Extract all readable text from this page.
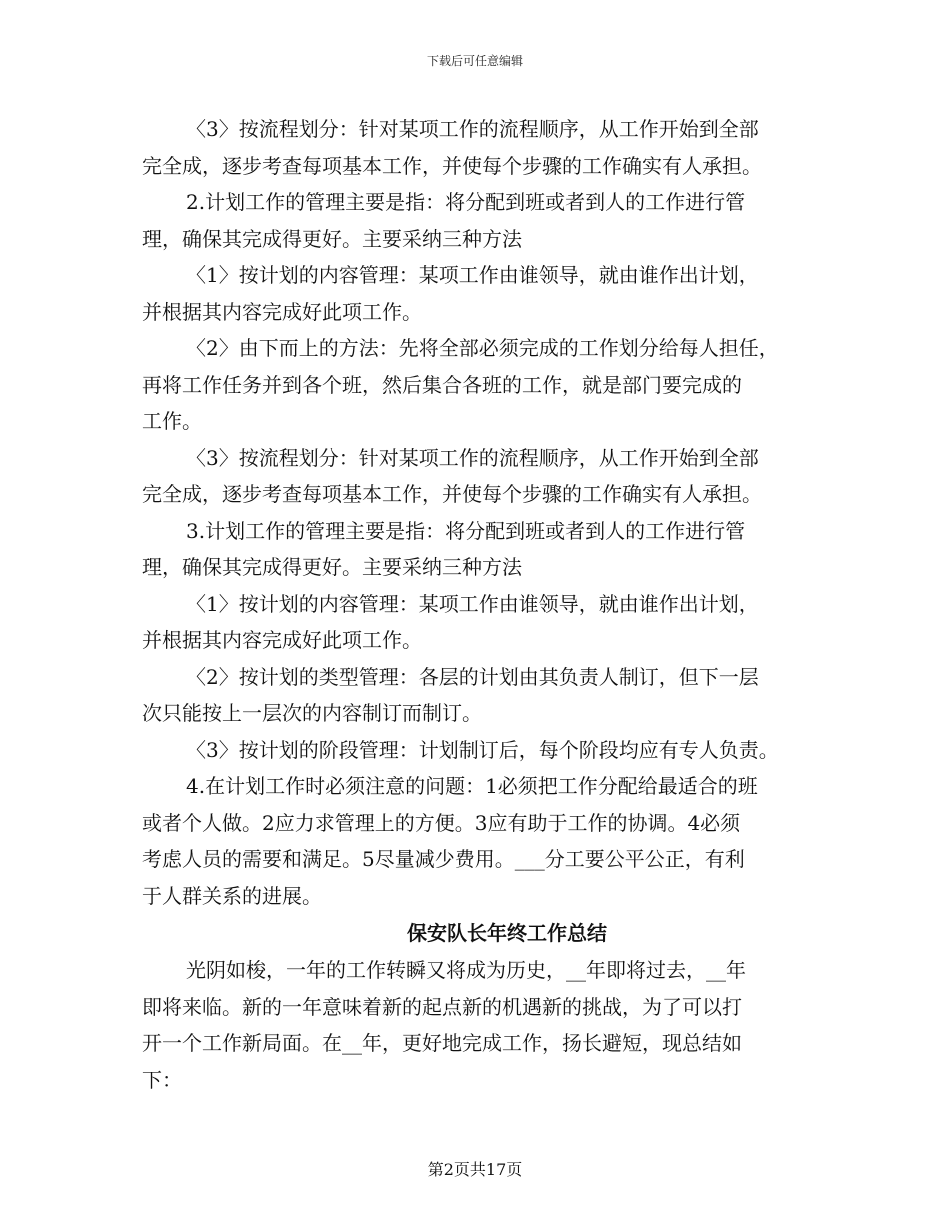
下载后可任意编辑
〈3〉按流程划分：针对某项工作的流程顺序，从工作开始到全部
完全成，逐步考查每项基本工作，并使每个步骤的工作确实有人承担。
2.计划工作的管理主要是指：将分配到班或者到人的工作进行管
理，确保其完成得更好。主要采纳三种方法
〈1〉按计划的内容管理：某项工作由谁领导，就由谁作出计划，
并根据其内容完成好此项工作。
〈2〉由下而上的方法：先将全部必须完成的工作划分给每人担任，
再将工作任务并到各个班，然后集合各班的工作，就是部门要完成的
工作。
〈3〉按流程划分：针对某项工作的流程顺序，从工作开始到全部
完全成，逐步考查每项基本工作，并使每个步骤的工作确实有人承担。
3.计划工作的管理主要是指：将分配到班或者到人的工作进行管
理，确保其完成得更好。主要采纳三种方法
〈1〉按计划的内容管理：某项工作由谁领导，就由谁作出计划，
并根据其内容完成好此项工作。
〈2〉按计划的类型管理：各层的计划由其负责人制订，但下一层
次只能按上一层次的内容制订而制订。
〈3〉按计划的阶段管理：计划制订后，每个阶段均应有专人负责。
4.在计划工作时必须注意的问题：1必须把工作分配给最适合的班
或者个人做。2应力求管理上的方便。3应有助于工作的协调。4必须
考虑人员的需要和满足。5尽量减少费用。___分工要公平公正，有利
于人群关系的进展。
保安队长年终工作总结
光阴如梭，一年的工作转瞬又将成为历史，__年即将过去，__年
即将来临。新的一年意味着新的起点新的机遇新的挑战，为了可以打
开一个工作新局面。在__年，更好地完成工作，扬长避短，现总结如
下：
第2页共17页
